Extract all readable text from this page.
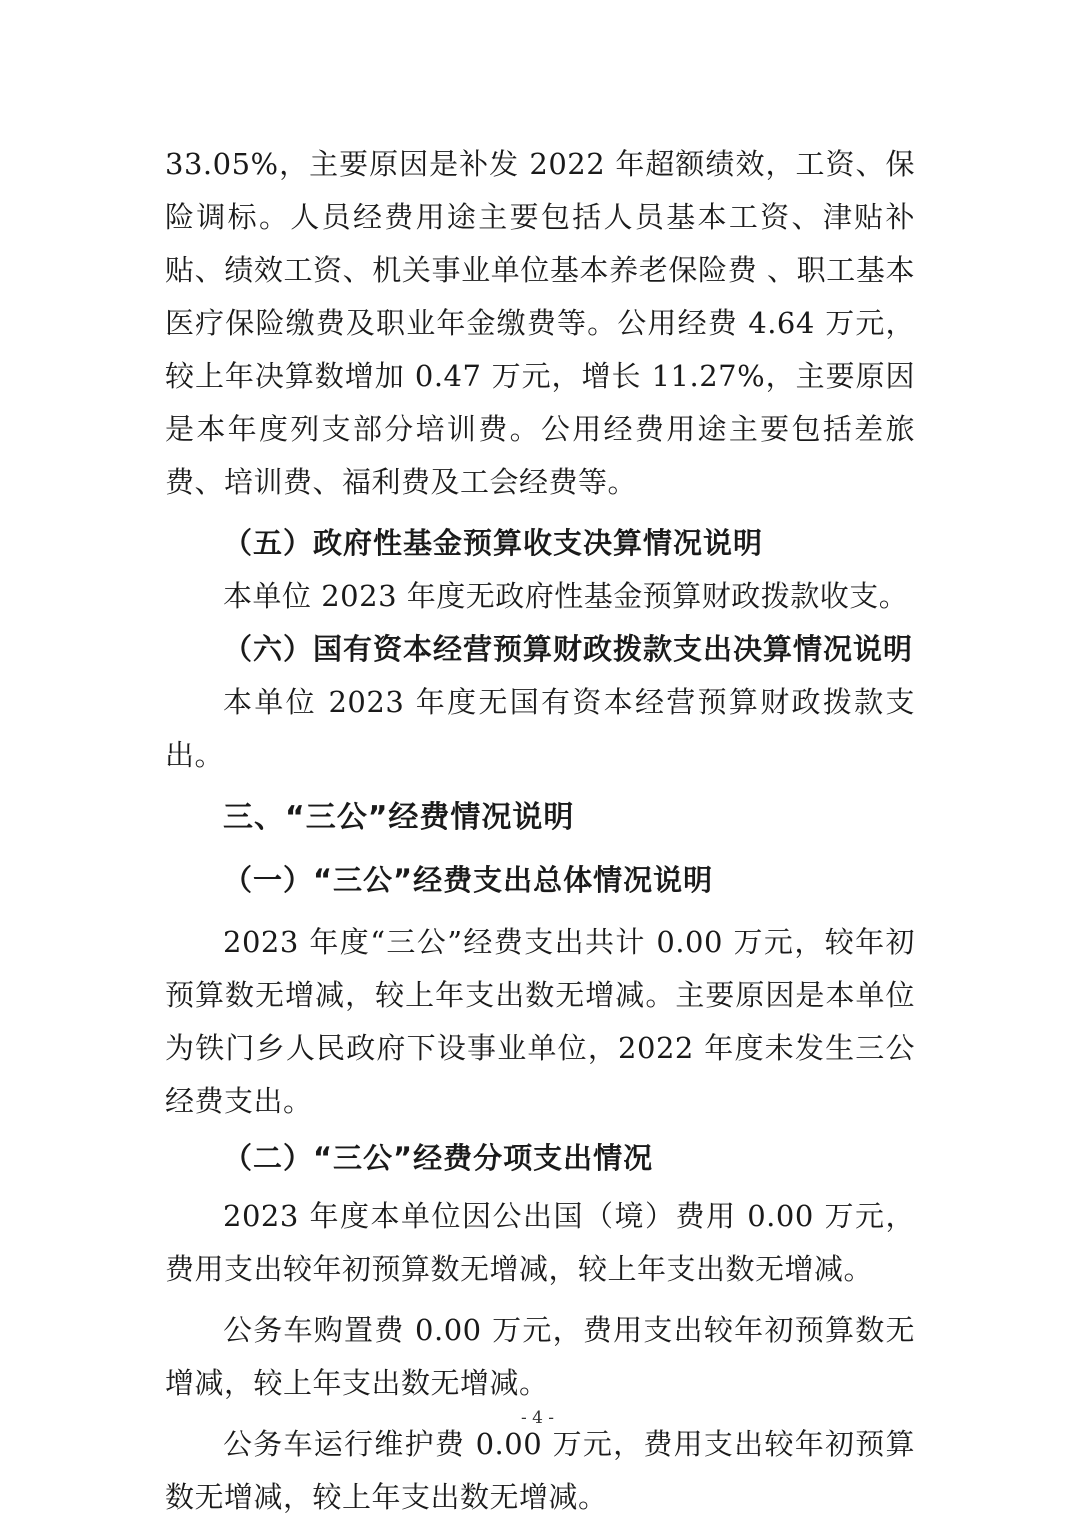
33.05%，主要原因是补发 2022 年超额绩效，工资、保险调标。人员经费用途主要包括人员基本工资、津贴补贴、绩效工资、机关事业单位基本养老保险费 、职工基本医疗保险缴费及职业年金缴费等。公用经费 4.64 万元，较上年决算数增加 0.47 万元，增长 11.27%，主要原因是本年度列支部分培训费。公用经费用途主要包括差旅费、培训费、福利费及工会经费等。

（五）政府性基金预算收支决算情况说明

本单位 2023 年度无政府性基金预算财政拨款收支。

（六）国有资本经营预算财政拨款支出决算情况说明

本单位 2023 年度无国有资本经营预算财政拨款支出。

三、“三公”经费情况说明

（一）“三公”经费支出总体情况说明

2023 年度“三公”经费支出共计 0.00 万元，较年初预算数无增减，较上年支出数无增减。主要原因是本单位为铁门乡人民政府下设事业单位，2022 年度未发生三公经费支出。

（二）“三公”经费分项支出情况

2023 年度本单位因公出国（境）费用 0.00 万元，费用支出较年初预算数无增减，较上年支出数无增减。

公务车购置费 0.00 万元，费用支出较年初预算数无增减，较上年支出数无增减。

公务车运行维护费 0.00 万元，费用支出较年初预算数无增减，较上年支出数无增减。

- 4 -
